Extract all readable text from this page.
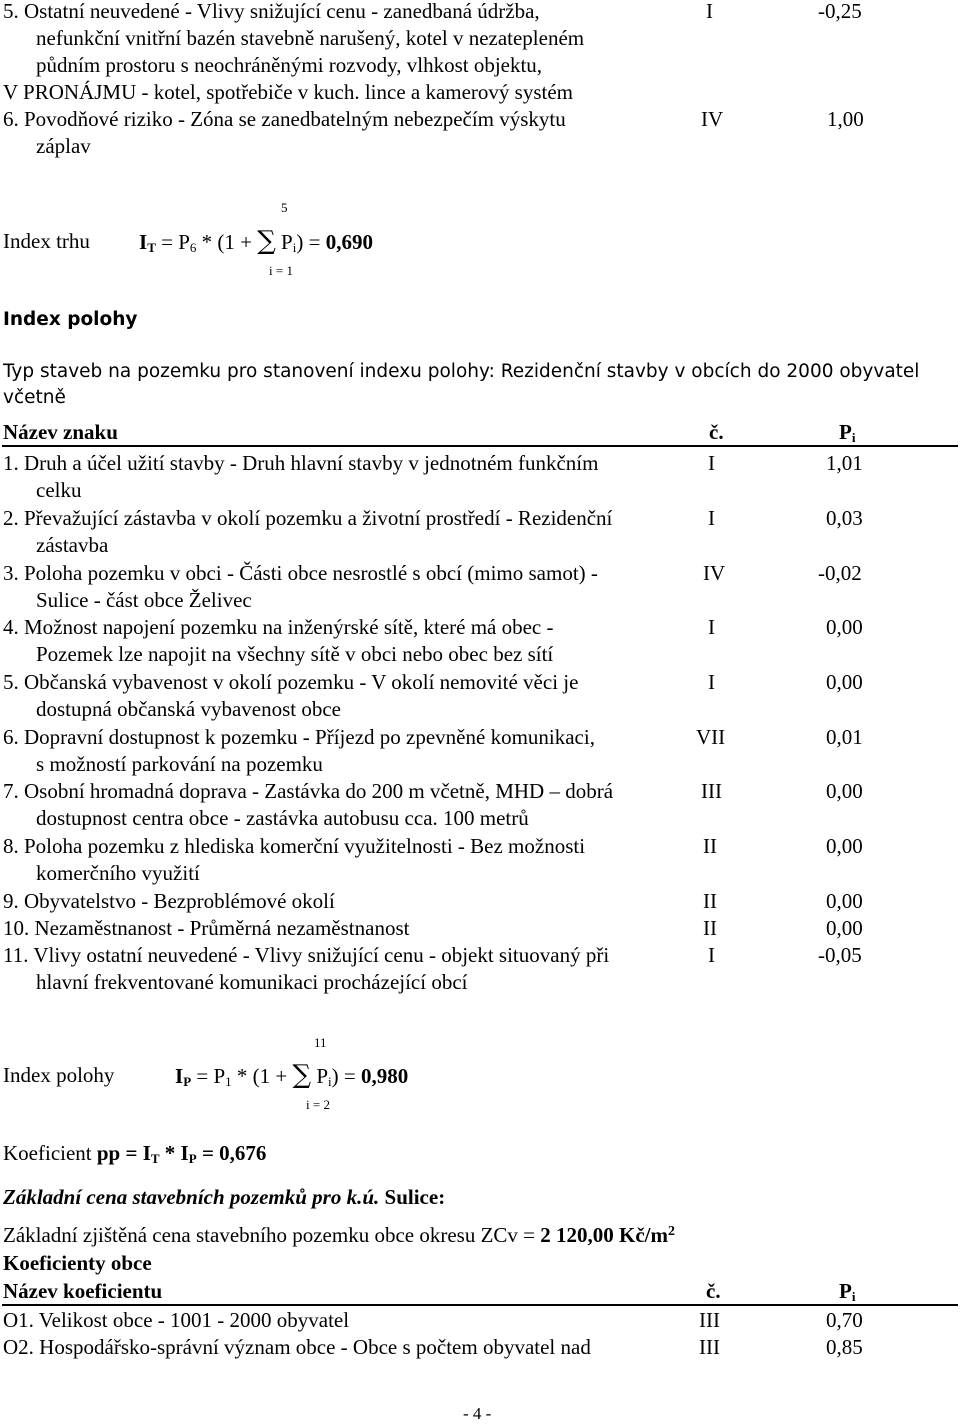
5. Ostatní neuvedené - Vlivy snižující cenu - zanedbaná údržba,
nefunkční vnitřní bazén stavebně narušený, kotel v nezatepleném
půdním prostoru s neochráněnými rozvody, vlhkost objektu,
V PRONÁJMU - kotel, spotřebiče v kuch. lince a kamerový systém
I	-0,25
6. Povodňové riziko - Zóna se zanedbatelným nebezpečím výskytu
záplav
IV	1,00
5
Index trhu $I_T = P_6 * (1$ + ∑ $P_i) = 0,690$
i = 1
Index polohy
Typ staveb na pozemku pro stanovení indexu polohy: Rezidenční stavby v obcích do 2000 obyvatel
včetně
Název znaku	č.	$P_i$
1. Druh a účel užití stavby - Druh hlavní stavby v jednotném funkčním
celku
I	1,01
2. Převažující zástavba v okolí pozemku a životní prostředí - Rezidenční
zástavba
I	0,03
3. Poloha pozemku v obci - Části obce nesrostlé s obcí (mimo samot) -
Sulice - část obce Želivec
IV	-0,02
4. Možnost napojení pozemku na inženýrské sítě, které má obec -
Pozemek lze napojit na všechny sítě v obci nebo obec bez sítí
I	0,00
5. Občanská vybavenost v okolí pozemku - V okolí nemovité věci je
dostupná občanská vybavenost obce
I	0,00
6. Dopravní dostupnost k pozemku - Příjezd po zpevněné komunikaci,
s možností parkování na pozemku
VII	0,01
7. Osobní hromadná doprava - Zastávka do 200 m včetně, MHD – dobrá
dostupnost centra obce - zastávka autobusu cca. 100 metrů
III	0,00
8. Poloha pozemku z hlediska komerční využitelnosti - Bez možnosti
komerčního využití
II	0,00
9. Obyvatelstvo - Bezproblémové okolí	II	0,00
10. Nezaměstnanost - Průměrná nezaměstnanost	II	0,00
11. Vlivy ostatní neuvedené - Vlivy snižující cenu - objekt situovaný při
hlavní frekventované komunikaci procházející obcí
I	-0,05
11
Index polohy	$I_P = P_1 * (1$ + ∑ $P_i) = 0,980$
i = 2
Koeficient pp = $I_T * I_P = 0,676$
Základní cena stavebních pozemků pro k.ú. Sulice:
Základní zjištěná cena stavebního pozemku obce okresu ZCv = 2 120,00 $Kč/m^2$
Koeficienty obce
Název koeficientu	č.	$P_i$
O1. Velikost obce - 1001 - 2000 obyvatel	III	0,70
O2. Hospodářsko-správní význam obce - Obce s počtem obyvatel nad	III	0,85
- 4 -
